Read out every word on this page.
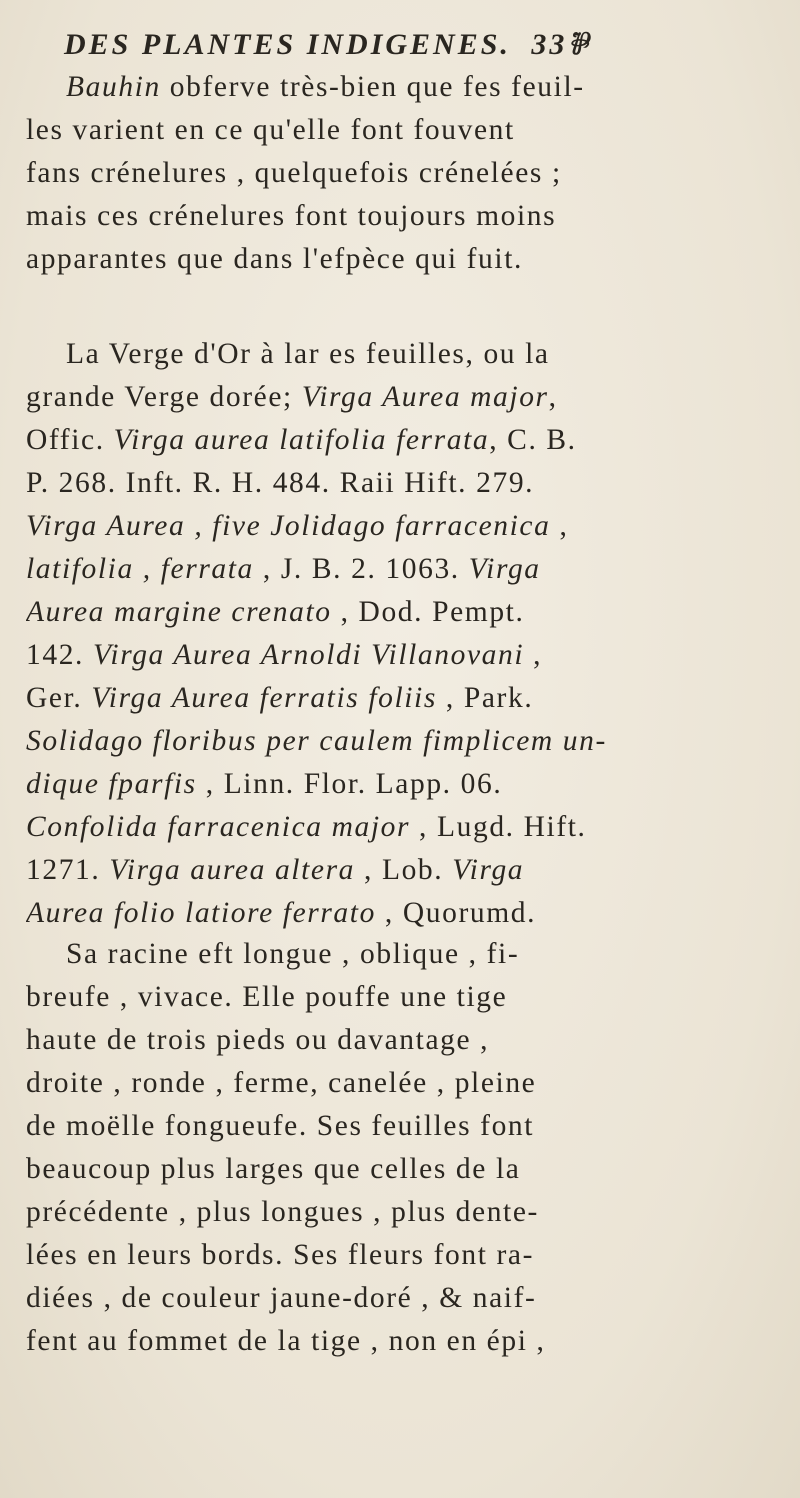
DES PLANTES INDIGENES. 33⅌
Bauhin obferve très-bien que fes feuil-
les varient en ce qu'elle font fouvent
fans crénelures , quelquefois crénelées ;
mais ces crénelures font toujours moins
apparantes que dans l'efpèce qui fuit.
La Verge d'Or à lar es feuilles, ou la
grande Verge dorée; Virga Aurea major,
Offic. Virga aurea latifolia ferrata, C. B.
P. 268. Inft. R. H. 484. Raii Hift. 279.
Virga Aurea , five Jolidago farracenica ,
latifolia , ferrata , J. B. 2. 1063. Virga
Aurea margine crenato , Dod. Pempt.
142. Virga Aurea Arnoldi Villanovani ,
Ger. Virga Aurea ferratis foliis , Park.
Solidago floribus per caulem fimplicem un-
dique fparfis , Linn. Flor. Lapp. 06.
Confolida farracenica major , Lugd. Hift.
1271. Virga aurea altera , Lob. Virga
Aurea folio latiore ferrato , Quorumd.
Sa racine eft longue , oblique , fi-
breufe , vivace. Elle pouffe une tige
haute de trois pieds ou davantage ,
droite , ronde , ferme, canelée , pleine
de moëlle fongueufe. Ses feuilles font
beaucoup plus larges que celles de la
précédente , plus longues , plus dente-
lées en leurs bords. Ses fleurs font ra-
diées , de couleur jaune-doré , & naif-
fent au fommet de la tige , non en épi ,
